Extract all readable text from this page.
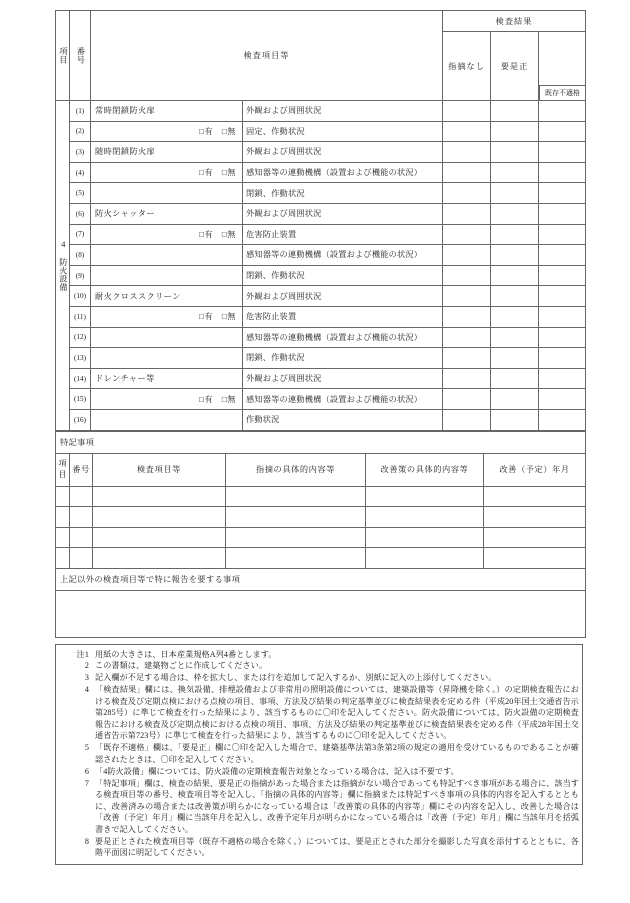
項目	番号	検査項目等		検査結果		
				指摘なし	要是正	既存不適格

4 防火設備	(1)	常時閉鎖防火扉	外観および周囲状況			
	(2)	□有　□無	固定、作動状況			
	(3)	随時閉鎖防火扉	外観および周囲状況			
	(4)	□有　□無	感知器等の連動機構（設置および機能の状況）			
	(5)		閉鎖、作動状況			
	(6)	防火シャッター	外観および周囲状況			
	(7)	□有　□無	危害防止装置			
	(8)		感知器等の連動機構（設置および機能の状況）			
	(9)		閉鎖、作動状況			
	(10)	耐火クロススクリーン	外観および周囲状況			
	(11)	□有　□無	危害防止装置			
	(12)		感知器等の連動機構（設置および機能の状況）			
	(13)		閉鎖、作動状況			
	(14)	ドレンチャー等	外観および周囲状況			
	(15)	□有　□無	感知器等の連動機構（設置および機能の状況）			
	(16)		作動状況			
特記事項					
項目	番号	検査項目等	指摘の具体的内容等	改善策の具体的内容等	改善（予定）年月

上記以外の検査項目等で特に報告を要する事項					

注1 用紙の大きさは、日本産業規格A列4番とします。
2 この書類は、建築物ごとに作成してください。
3 記入欄が不足する場合は、枠を拡大し、または行を追加して記入するか、別紙に記入の上添付してください。
4 「検査結果」欄には、換気設備、排煙設備および非常用の照明設備については、建築設備等（昇降機を除く。）の定期検査報告における検査及び定期点検における点検の項目、事項、方法及び結果の判定基準並びに検査結果表を定める件（平成20年国土交通省告示第285号）に準じて検査を行った結果により、該当するものに〇印を記入してください。防火設備については、防火設備の定期検査報告における検査及び定期点検における点検の項目、事項、方法及び結果の判定基準並びに検査結果表を定める件（平成28年国土交通省告示第723号）に準じて検査を行った結果により、該当するものに〇印を記入してください。
5 「既存不適格」欄は、「要是正」欄に〇印を記入した場合で、建築基準法第3条第2項の規定の適用を受けているものであることが確認されたときは、〇印を記入してください。
6 「4防火設備」欄については、防火設備の定期検査報告対象となっている場合は、記入は不要です。
7 「特記事項」欄は、検査の結果、要是正の指摘があった場合または指摘がない場合であっても特記すべき事項がある場合に、該当する検査項目等の番号、検査項目等を記入し、「指摘の具体的内容等」欄に指摘または特記すべき事項の具体的内容を記入するとともに、改善済みの場合または改善策が明らかになっている場合は「改善策の具体的内容等」欄にその内容を記入し、改善した場合は「改善（予定）年月」欄に当該年月を記入し、改善予定年月が明らかになっている場合は「改善（予定）年月」欄に当該年月を括弧書きで記入してください。
8 要是正とされた検査項目等（既存不適格の場合を除く。）については、要是正とされた部分を撮影した写真を添付するとともに、各階平面図に明記してください。
